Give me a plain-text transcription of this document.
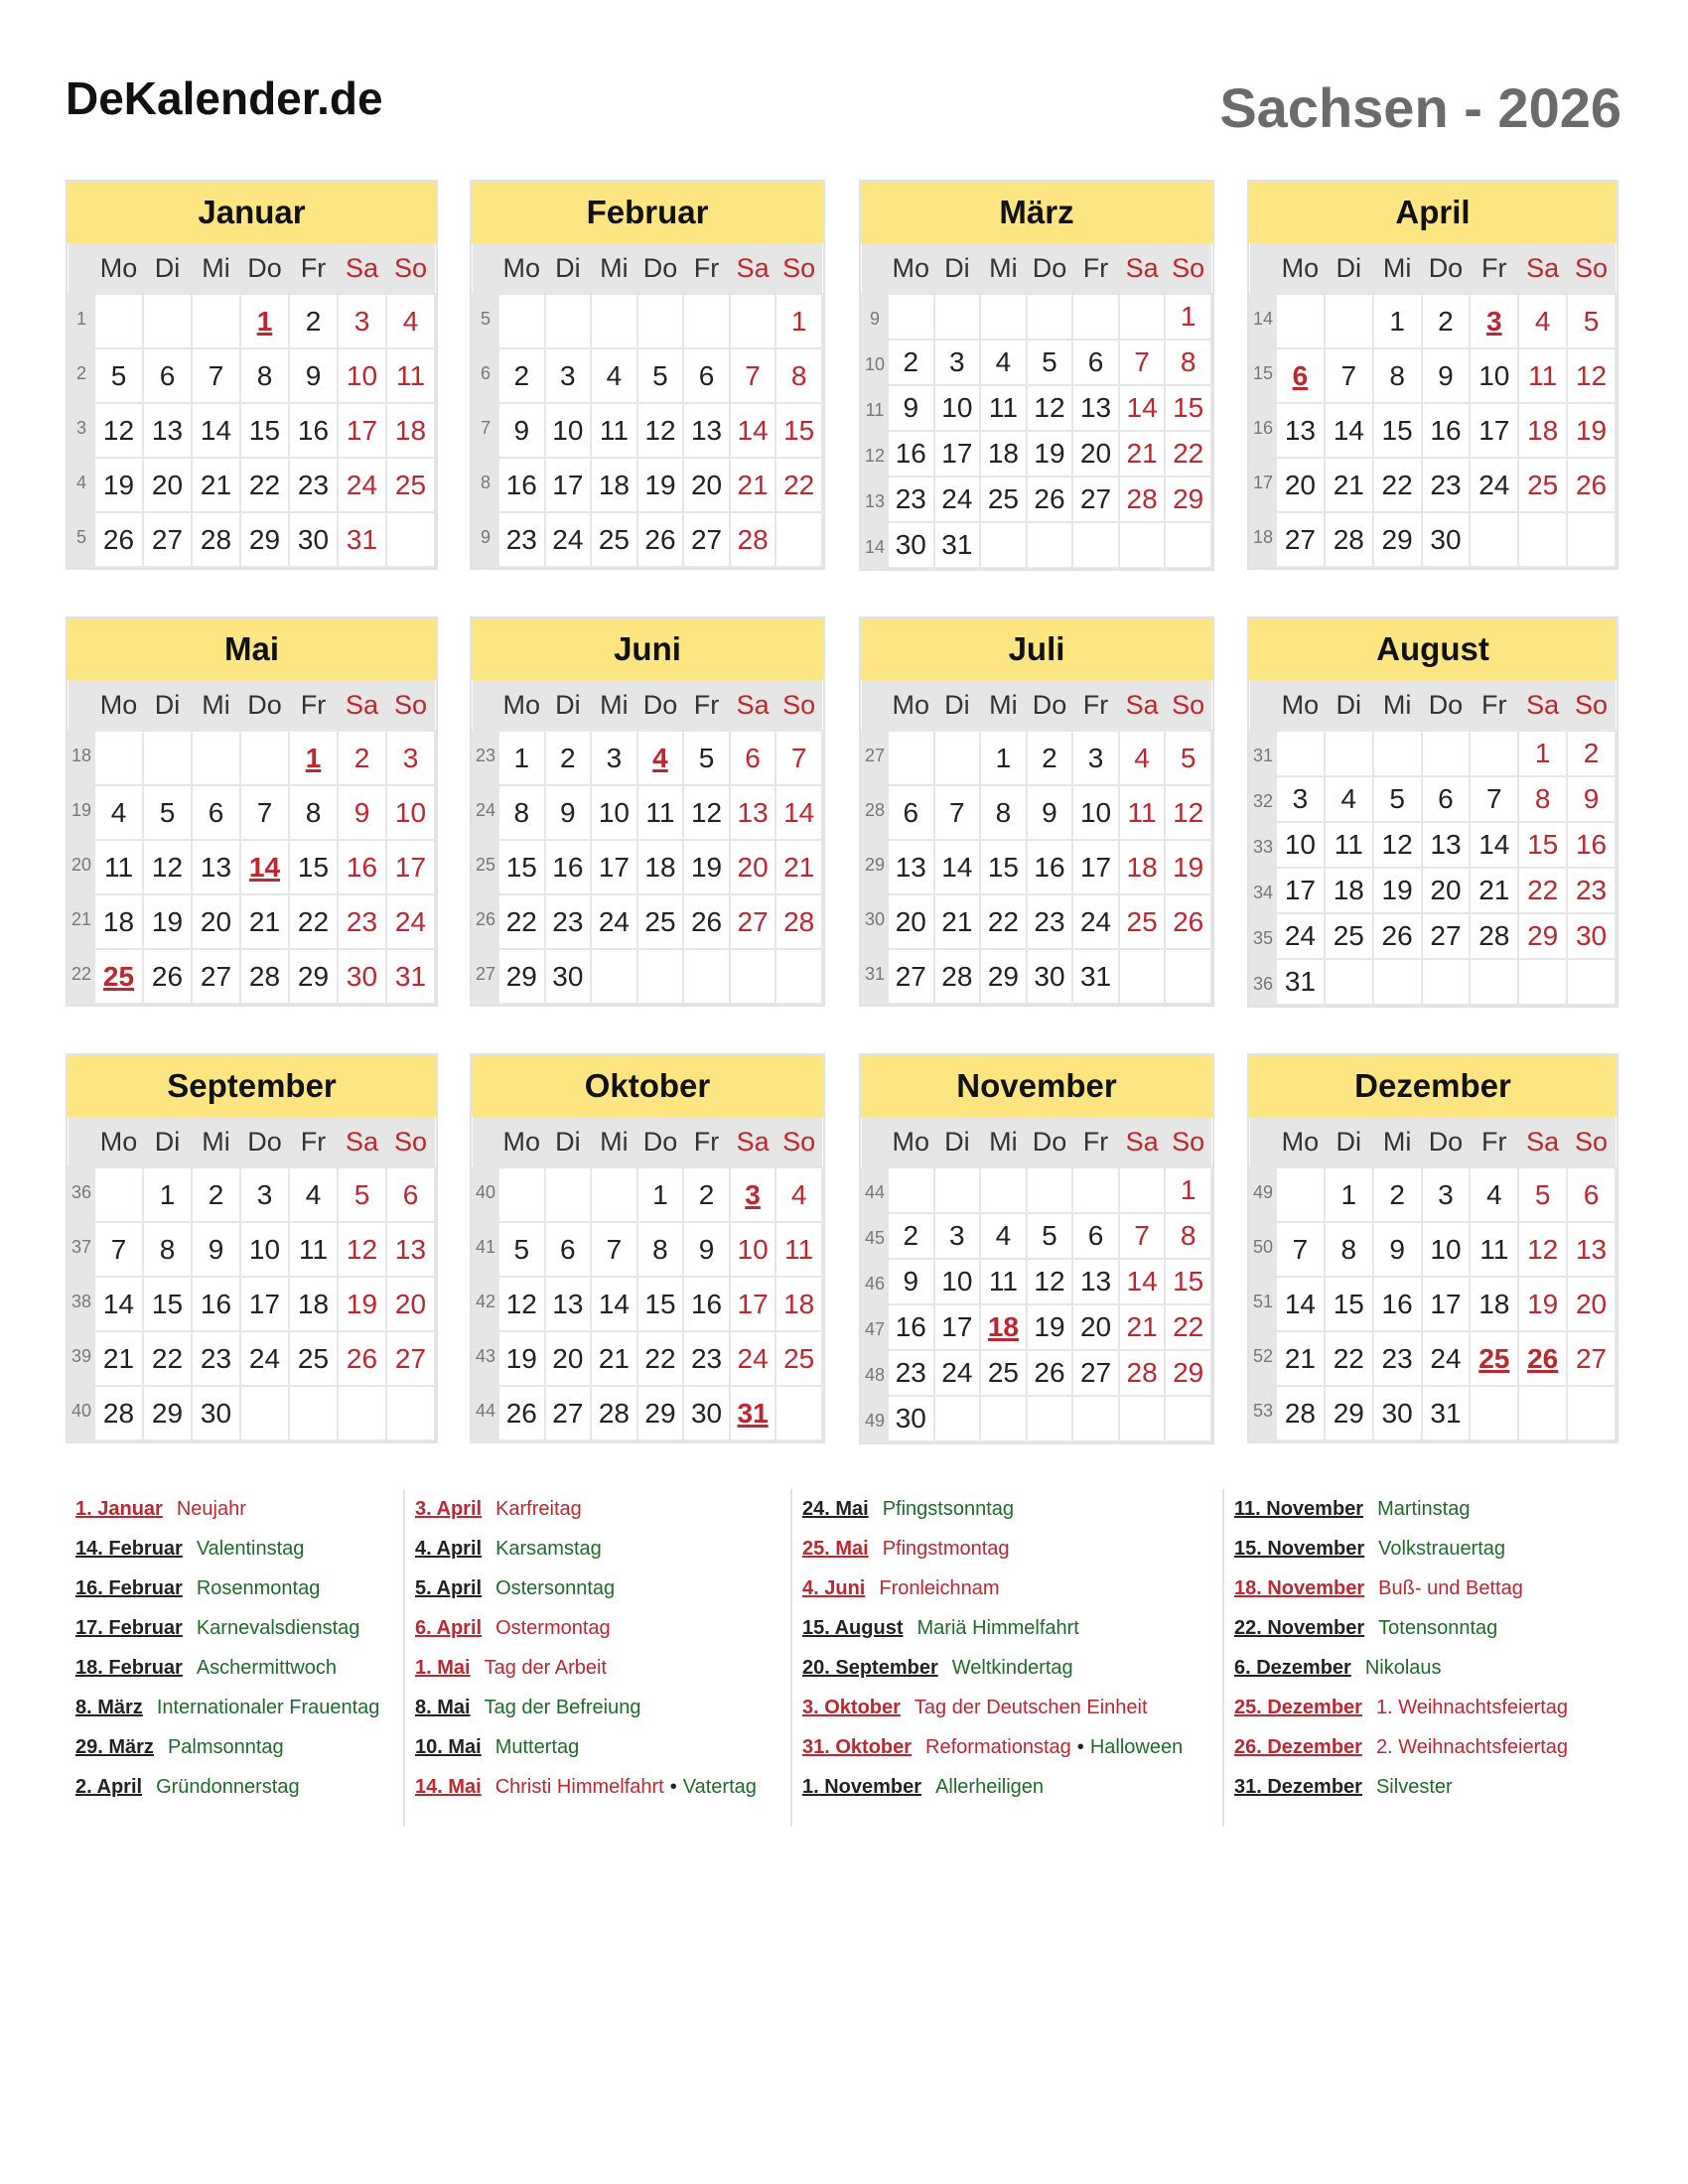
DeKalender.de	Sachsen - 2026
Januar
	Mo	Di	Mi	Do	Fr	Sa	So
1				1	2	3	4
2	5	6	7	8	9	10	11
3	12	13	14	15	16	17	18
4	19	20	21	22	23	24	25
5	26	27	28	29	30	31	
Februar
	Mo	Di	Mi	Do	Fr	Sa	So
5							1
6	2	3	4	5	6	7	8
7	9	10	11	12	13	14	15
8	16	17	18	19	20	21	22
9	23	24	25	26	27	28	
März
	Mo	Di	Mi	Do	Fr	Sa	So
9							1
10	2	3	4	5	6	7	8
11	9	10	11	12	13	14	15
12	16	17	18	19	20	21	22
13	23	24	25	26	27	28	29
14	30	31					
April
	Mo	Di	Mi	Do	Fr	Sa	So
14			1	2	3	4	5
15	6	7	8	9	10	11	12
16	13	14	15	16	17	18	19
17	20	21	22	23	24	25	26
18	27	28	29	30			
Mai
	Mo	Di	Mi	Do	Fr	Sa	So
18					1	2	3
19	4	5	6	7	8	9	10
20	11	12	13	14	15	16	17
21	18	19	20	21	22	23	24
22	25	26	27	28	29	30	31
Juni
	Mo	Di	Mi	Do	Fr	Sa	So
23	1	2	3	4	5	6	7
24	8	9	10	11	12	13	14
25	15	16	17	18	19	20	21
26	22	23	24	25	26	27	28
27	29	30					
Juli
	Mo	Di	Mi	Do	Fr	Sa	So
27			1	2	3	4	5
28	6	7	8	9	10	11	12
29	13	14	15	16	17	18	19
30	20	21	22	23	24	25	26
31	27	28	29	30	31		
August
	Mo	Di	Mi	Do	Fr	Sa	So
31						1	2
32	3	4	5	6	7	8	9
33	10	11	12	13	14	15	16
34	17	18	19	20	21	22	23
35	24	25	26	27	28	29	30
36	31						
September
	Mo	Di	Mi	Do	Fr	Sa	So
36		1	2	3	4	5	6
37	7	8	9	10	11	12	13
38	14	15	16	17	18	19	20
39	21	22	23	24	25	26	27
40	28	29	30				
Oktober
	Mo	Di	Mi	Do	Fr	Sa	So
40				1	2	3	4
41	5	6	7	8	9	10	11
42	12	13	14	15	16	17	18
43	19	20	21	22	23	24	25
44	26	27	28	29	30	31	
November
	Mo	Di	Mi	Do	Fr	Sa	So
44							1
45	2	3	4	5	6	7	8
46	9	10	11	12	13	14	15
47	16	17	18	19	20	21	22
48	23	24	25	26	27	28	29
49	30						
Dezember
	Mo	Di	Mi	Do	Fr	Sa	So
49		1	2	3	4	5	6
50	7	8	9	10	11	12	13
51	14	15	16	17	18	19	20
52	21	22	23	24	25	26	27
53	28	29	30	31			
1. Januar Neujahr
14. Februar Valentinstag
16. Februar Rosenmontag
17. Februar Karnevalsdienstag
18. Februar Aschermittwoch
8. März Internationaler Frauentag
29. März Palmsonntag
2. April Gründonnerstag
3. April Karfreitag
4. April Karsamstag
5. April Ostersonntag
6. April Ostermontag
1. Mai Tag der Arbeit
8. Mai Tag der Befreiung
10. Mai Muttertag
14. Mai Christi Himmelfahrt • Vatertag
24. Mai Pfingstsonntag
25. Mai Pfingstmontag
4. Juni Fronleichnam
15. August Mariä Himmelfahrt
20. September Weltkindertag
3. Oktober Tag der Deutschen Einheit
31. Oktober Reformationstag • Halloween
1. November Allerheiligen
11. November Martinstag
15. November Volkstrauertag
18. November Buß- und Bettag
22. November Totensonntag
6. Dezember Nikolaus
25. Dezember 1. Weihnachtsfeiertag
26. Dezember 2. Weihnachtsfeiertag
31. Dezember Silvester
